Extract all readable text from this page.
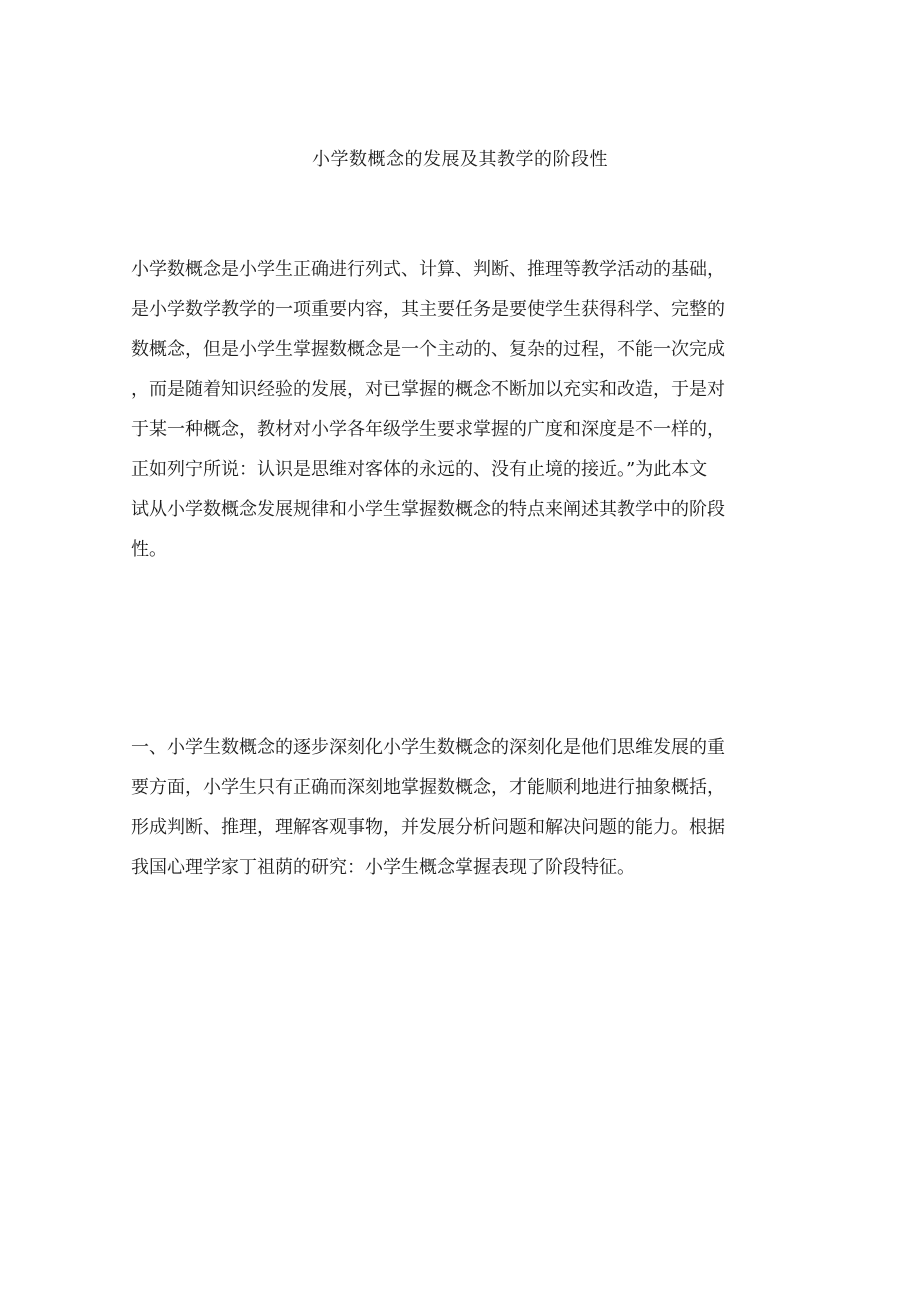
小学数概念的发展及其教学的阶段性
小学数概念是小学生正确进行列式、计算、判断、推理等教学活动的基础，
是小学数学教学的一项重要内容，其主要任务是要使学生获得科学、完整的
数概念，但是小学生掌握数概念是一个主动的、复杂的过程，不能一次完成
，而是随着知识经验的发展，对已掌握的概念不断加以充实和改造，于是对
于某一种概念，教材对小学各年级学生要求掌握的广度和深度是不一样的，
正如列宁所说：认识是思维对客体的永远的、没有止境的接近。”为此本文
试从小学数概念发展规律和小学生掌握数概念的特点来阐述其教学中的阶段
性。
一、小学生数概念的逐步深刻化小学生数概念的深刻化是他们思维发展的重
要方面，小学生只有正确而深刻地掌握数概念，才能顺利地进行抽象概括，
形成判断、推理，理解客观事物，并发展分析问题和解决问题的能力。根据
我国心理学家丁祖荫的研究：小学生概念掌握表现了阶段特征。
